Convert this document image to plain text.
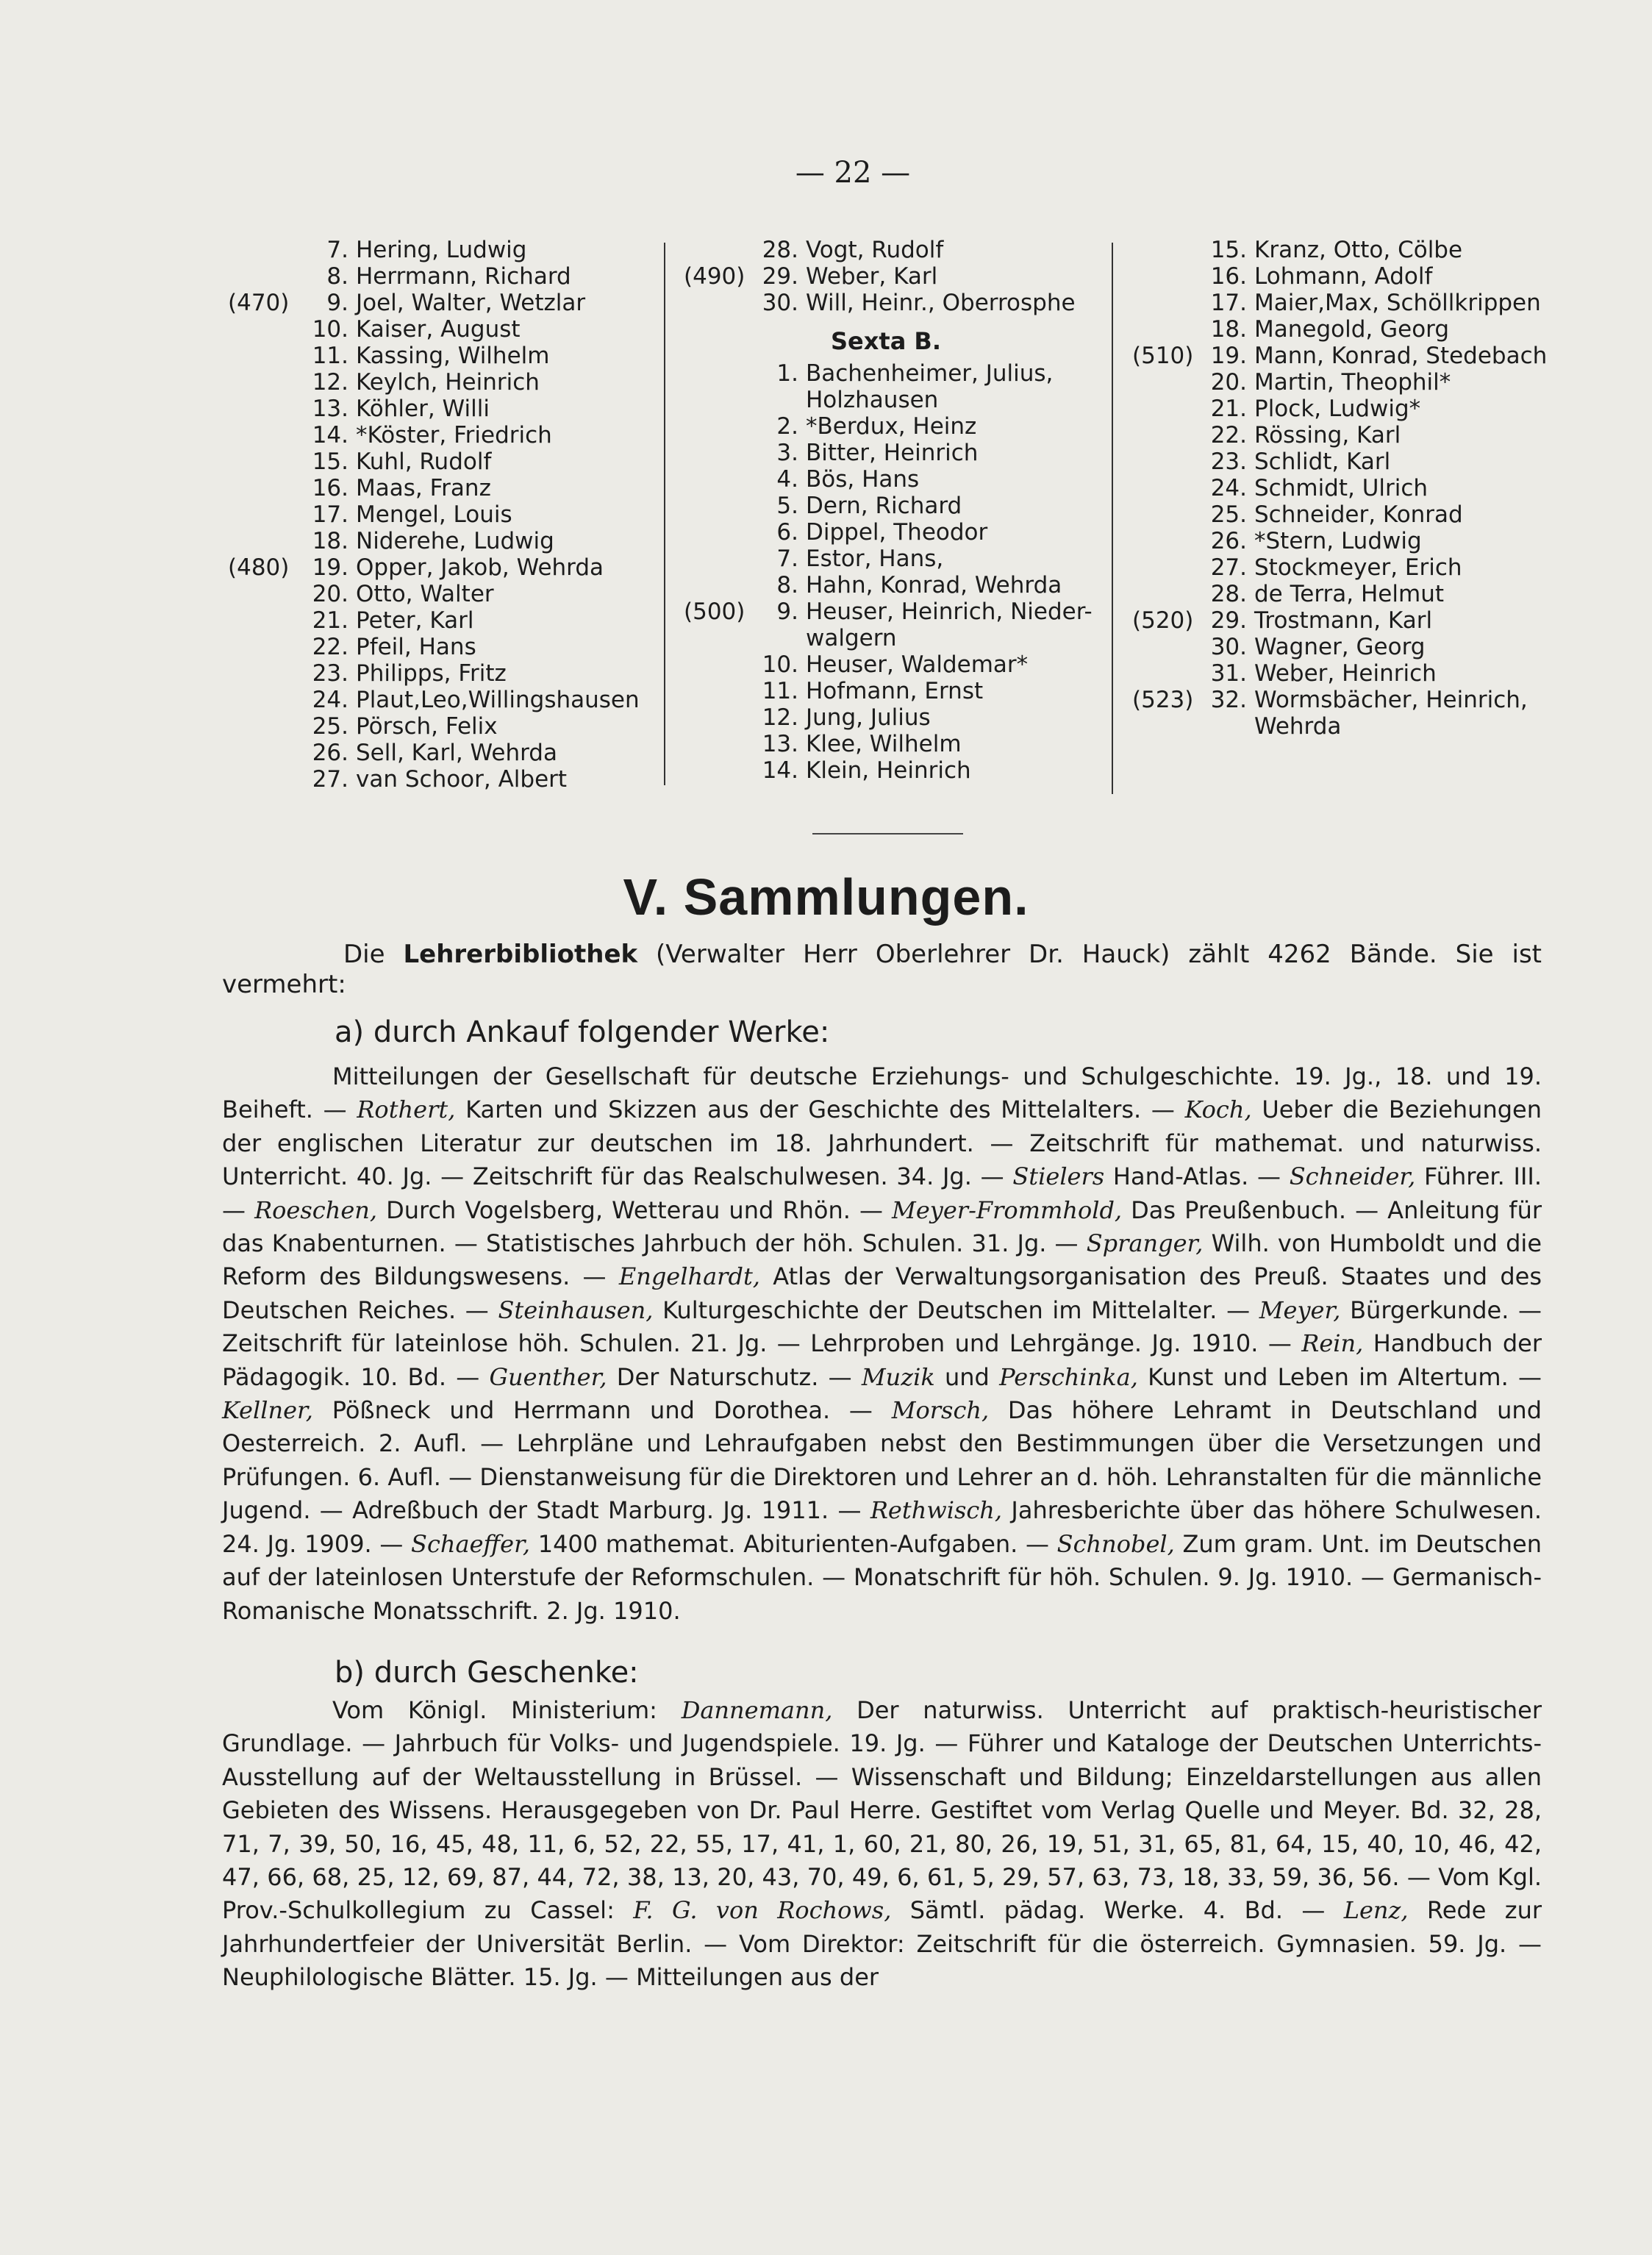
— 22 —
7. Hering, Ludwig
8. Herrmann, Richard
(470)	9. Joel, Walter, Wetzlar
10. Kaiser, August
11. Kassing, Wilhelm
12. Keylch, Heinrich
13. Köhler, Willi
14. *Köster, Friedrich
15. Kuhl, Rudolf
16. Maas, Franz
17. Mengel, Louis
18. Niderehe, Ludwig
(480)	19. Opper, Jakob, Wehrda
20. Otto, Walter
21. Peter, Karl
22. Pfeil, Hans
23. Philipps, Fritz
24. Plaut,Leo,Willingshausen
25. Pörsch, Felix
26. Sell, Karl, Wehrda
27. van Schoor, Albert
28. Vogt, Rudolf
(490) 29. Weber, Karl
30. Will, Heinr., Oberrosphe
Sexta B.
1. Bachenheimer, Julius,
Holzhausen
2. *Berdux, Heinz
3. Bitter, Heinrich
4. Bös, Hans
5. Dern, Richard
6. Dippel, Theodor
7. Estor, Hans,
8. Hahn, Konrad, Wehrda
(500)	9. Heuser, Heinrich, Nieder-
walgern
10. Heuser, Waldemar*
11. Hofmann, Ernst
12. Jung, Julius
13. Klee, Wilhelm
14. Klein, Heinrich
15. Kranz, Otto, Cölbe
16. Lohmann, Adolf
17. Maier,Max, Schöllkrippen
18. Manegold, Georg
(510) 19. Mann, Konrad, Stedebach
20. Martin, Theophil*
21. Plock, Ludwig*
22. Rössing, Karl
23. Schlidt, Karl
24. Schmidt, Ulrich
25. Schneider, Konrad
26. *Stern, Ludwig
27. Stockmeyer, Erich
28. de Terra, Helmut
(520) 29. Trostmann, Karl
30. Wagner, Georg
31. Weber, Heinrich
(523) 32. Wormsbächer, Heinrich,
Wehrda
V. Sammlungen.
Die Lehrerbibliothek (Verwalter Herr Oberlehrer Dr. Hauck) zählt 4262 Bände. Sie ist vermehrt:
a) durch Ankauf folgender Werke:
Mitteilungen der Gesellschaft für deutsche Erziehungs- und Schulgeschichte. 19. Jg., 18. und 19. Beiheft. — Rothert, Karten und Skizzen aus der Geschichte des Mittelalters. — Koch, Ueber die Beziehungen der englischen Literatur zur deutschen im 18. Jahrhundert. — Zeitschrift für mathemat. und naturwiss. Unterricht. 40. Jg. — Zeitschrift für das Realschulwesen. 34. Jg. — Stielers Hand-Atlas. — Schneider, Führer. III. — Roeschen, Durch Vogelsberg, Wetterau und Rhön. — Meyer-Frommhold, Das Preußenbuch. — Anleitung für das Knabenturnen. — Statistisches Jahrbuch der höh. Schulen. 31. Jg. — Spranger, Wilh. von Humboldt und die Reform des Bildungswesens. — Engelhardt, Atlas der Verwaltungsorganisation des Preuß. Staates und des Deutschen Reiches. — Steinhausen, Kulturgeschichte der Deutschen im Mittelalter. — Meyer, Bürgerkunde. — Zeitschrift für lateinlose höh. Schulen. 21. Jg. — Lehrproben und Lehrgänge. Jg. 1910. — Rein, Handbuch der Pädagogik. 10. Bd. — Guenther, Der Naturschutz. — Muzik und Perschinka, Kunst und Leben im Altertum. — Kellner, Pößneck und Herrmann und Dorothea. — Morsch, Das höhere Lehramt in Deutschland und Oesterreich. 2. Aufl. — Lehrpläne und Lehraufgaben nebst den Bestimmungen über die Versetzungen und Prüfungen. 6. Aufl. — Dienstanweisung für die Direktoren und Lehrer an d. höh. Lehranstalten für die männliche Jugend. — Adreßbuch der Stadt Marburg. Jg. 1911. — Rethwisch, Jahresberichte über das höhere Schulwesen. 24. Jg. 1909. — Schaeffer, 1400 mathemat. Abiturienten-Aufgaben. — Schnobel, Zum gram. Unt. im Deutschen auf der lateinlosen Unterstufe der Reformschulen. — Monatschrift für höh. Schulen. 9. Jg. 1910. — Germanisch-Romanische Monatsschrift. 2. Jg. 1910.
b) durch Geschenke:
Vom Königl. Ministerium: Dannemann, Der naturwiss. Unterricht auf praktisch-heuristischer Grundlage. — Jahrbuch für Volks- und Jugendspiele. 19. Jg. — Führer und Kataloge der Deutschen Unterrichts-Ausstellung auf der Weltausstellung in Brüssel. — Wissenschaft und Bildung; Einzeldarstellungen aus allen Gebieten des Wissens. Herausgegeben von Dr. Paul Herre. Gestiftet vom Verlag Quelle und Meyer. Bd. 32, 28, 71, 7, 39, 50, 16, 45, 48, 11, 6, 52, 22, 55, 17, 41, 1, 60, 21, 80, 26, 19, 51, 31, 65, 81, 64, 15, 40, 10, 46, 42, 47, 66, 68, 25, 12, 69, 87, 44, 72, 38, 13, 20, 43, 70, 49, 6, 61, 5, 29, 57, 63, 73, 18, 33, 59, 36, 56. — Vom Kgl. Prov.-Schulkollegium zu Cassel: F. G. von Rochows, Sämtl. pädag. Werke. 4. Bd. — Lenz, Rede zur Jahrhundertfeier der Universität Berlin. — Vom Direktor: Zeitschrift für die österreich. Gymnasien. 59. Jg. — Neuphilologische Blätter. 15. Jg. — Mitteilungen aus der
